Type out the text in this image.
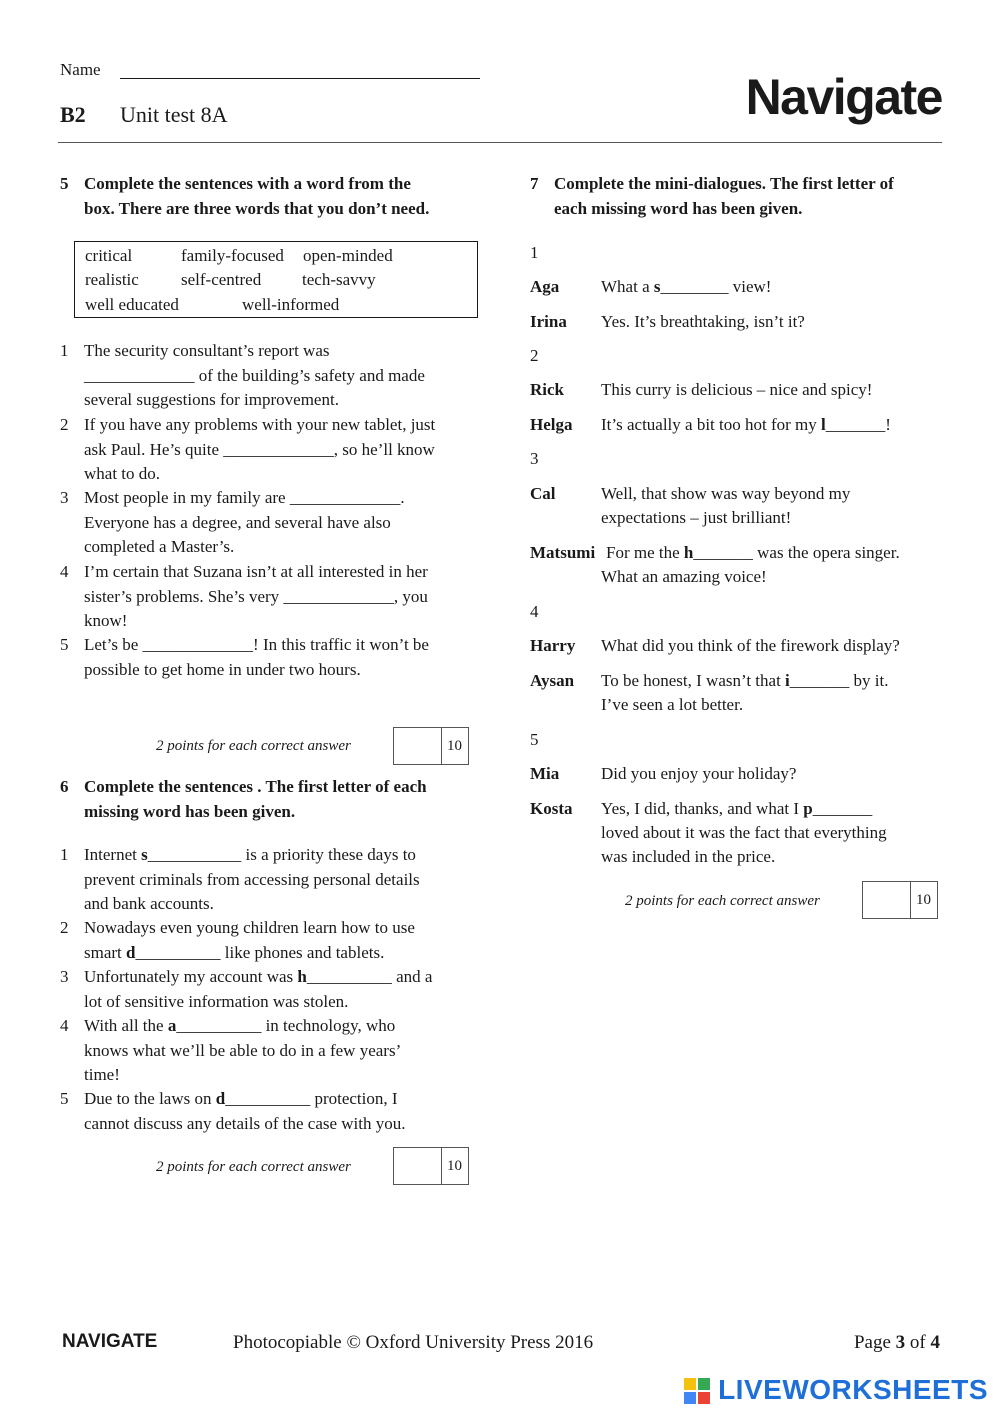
Name
B2 Unit test 8A	Navigate
5 Complete the sentences with a word from the
box. There are three words that you don’t need.
critical	family-focused open-minded
realistic self-centred tech-savvy
well educated	well-informed
1 The security consultant’s report was
_____________ of the building’s safety and made
several suggestions for improvement.
2 If you have any problems with your new tablet, just
ask Paul. He’s quite _____________, so he’ll know
what to do.
3 Most people in my family are _____________.
Everyone has a degree, and several have also
completed a Master’s.
4 I’m certain that Suzana isn’t at all interested in her
sister’s problems. She’s very _____________, you
know!
5 Let’s be _____________! In this traffic it won’t be
possible to get home in under two hours.
2 points for each correct answer	10
6 Complete the sentences . The first letter of each
missing word has been given.
1 Internet s___________ is a priority these days to
prevent criminals from accessing personal details
and bank accounts.
2 Nowadays even young children learn how to use
smart d__________ like phones and tablets.
3 Unfortunately my account was h__________ and a
lot of sensitive information was stolen.
4 With all the a__________ in technology, who
knows what we’ll be able to do in a few years’
time!
5 Due to the laws on d__________ protection, I
cannot discuss any details of the case with you.
2 points for each correct answer	10
7 Complete the mini-dialogues. The first letter of
each missing word has been given.
1
Aga What a s________ view!
Irina Yes. It’s breathtaking, isn’t it?
2
Rick This curry is delicious – nice and spicy!
Helga It’s actually a bit too hot for my l_______!
3
Cal	Well, that show was way beyond my
expectations – just brilliant!
Matsumi For me the h_______ was the opera singer.
What an amazing voice!
4
Harry What did you think of the firework display?
Aysan To be honest, I wasn’t that i_______ by it.
I’ve seen a lot better.
5
Mia Did you enjoy your holiday?
Kosta Yes, I did, thanks, and what I p_______
loved about it was the fact that everything
was included in the price.
2 points for each correct answer	10
NAVIGATE	Photocopiable © Oxford University Press 2016	Page 3 of 4
LIVEWORKSHEETS
